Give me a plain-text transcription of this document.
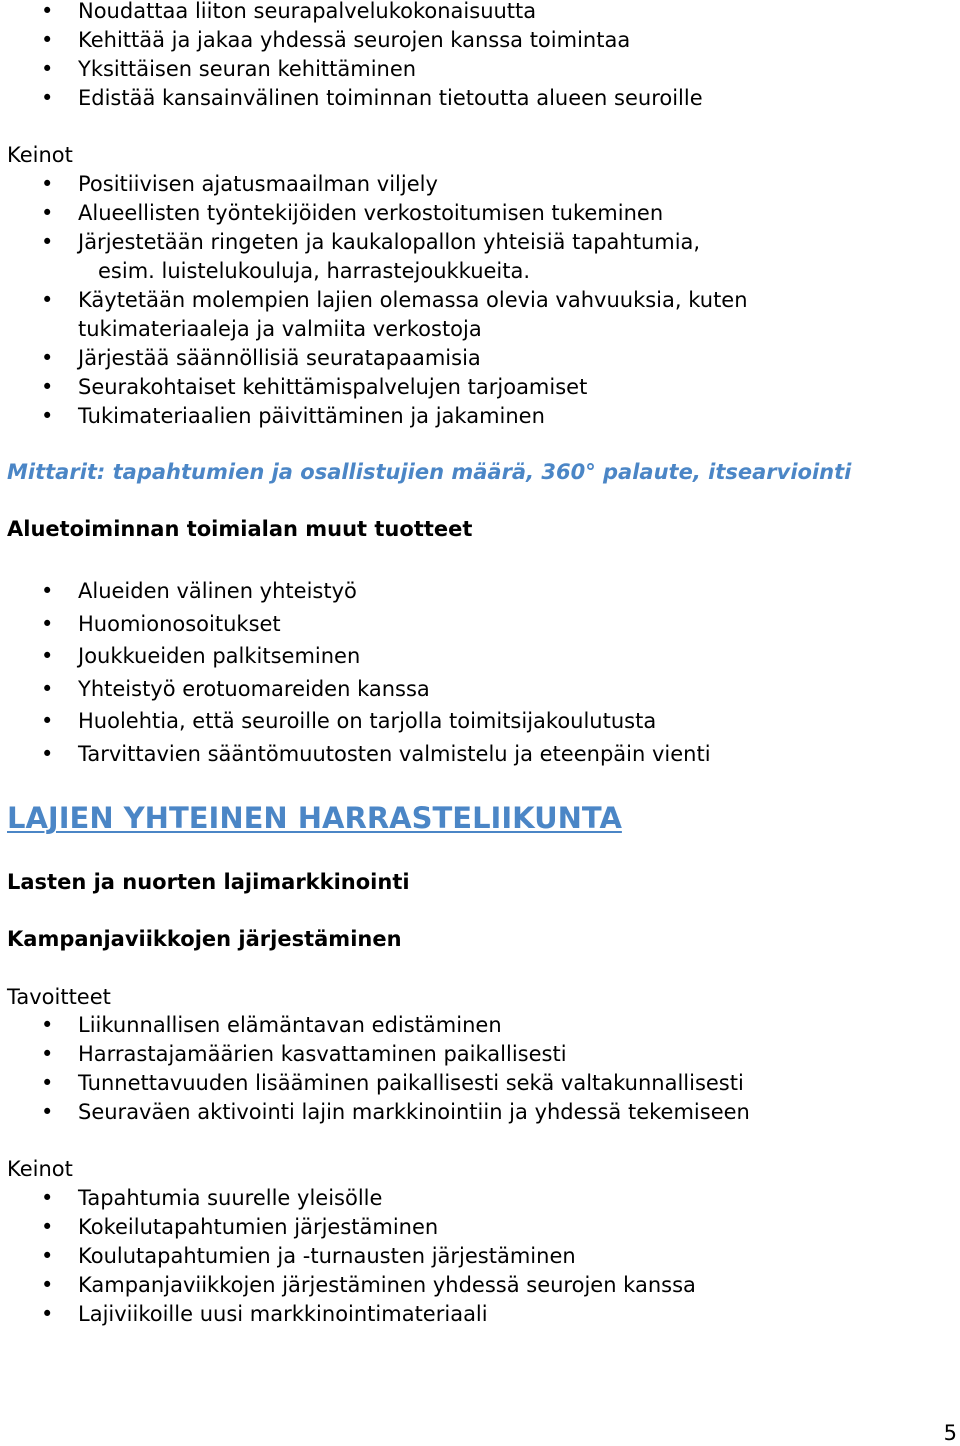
• Noudattaa liiton seurapalvelukokonaisuutta
• Kehittää ja jakaa yhdessä seurojen kanssa toimintaa
• Yksittäisen seuran kehittäminen
• Edistää kansainvälinen toiminnan tietoutta alueen seuroille

Keinot

• Positiivisen ajatusmaailman viljely
• Alueellisten työntekijöiden verkostoitumisen tukeminen
• Järjestetään ringeten ja kaukalopallon yhteisiä tapahtumia,
esim. luistelukouluja, harrastejoukkueita.
• Käytetään molempien lajien olemassa olevia vahvuuksia, kuten
tukimateriaaleja ja valmiita verkostoja
• Järjestää säännöllisiä seuratapaamisia
• Seurakohtaiset kehittämispalvelujen tarjoamiset
• Tukimateriaalien päivittäminen ja jakaminen

Mittarit: tapahtumien ja osallistujien määrä, 360° palaute, itsearviointi

Aluetoiminnan toimialan muut tuotteet
• Alueiden välinen yhteistyö
• Huomionosoitukset
• Joukkueiden palkitseminen
• Yhteistyö erotuomareiden kanssa
• Huolehtia, että seuroille on tarjolla toimitsijakoulutusta
• Tarvittavien sääntömuutosten valmistelu ja eteenpäin vienti
LAJIEN YHTEINEN HARRASTELIIKUNTA
Lasten ja nuorten lajimarkkinointi
Kampanjaviikkojen järjestäminen

Tavoitteet

• Liikunnallisen elämäntavan edistäminen
• Harrastajamäärien kasvattaminen paikallisesti
• Tunnettavuuden lisääminen paikallisesti sekä valtakunnallisesti
• Seuraväen aktivointi lajin markkinointiin ja yhdessä tekemiseen

Keinot

• Tapahtumia suurelle yleisölle
• Kokeilutapahtumien järjestäminen
• Koulutapahtumien ja -turnausten järjestäminen
• Kampanjaviikkojen järjestäminen yhdessä seurojen kanssa
• Lajiviikoille uusi markkinointimateriaali
5
